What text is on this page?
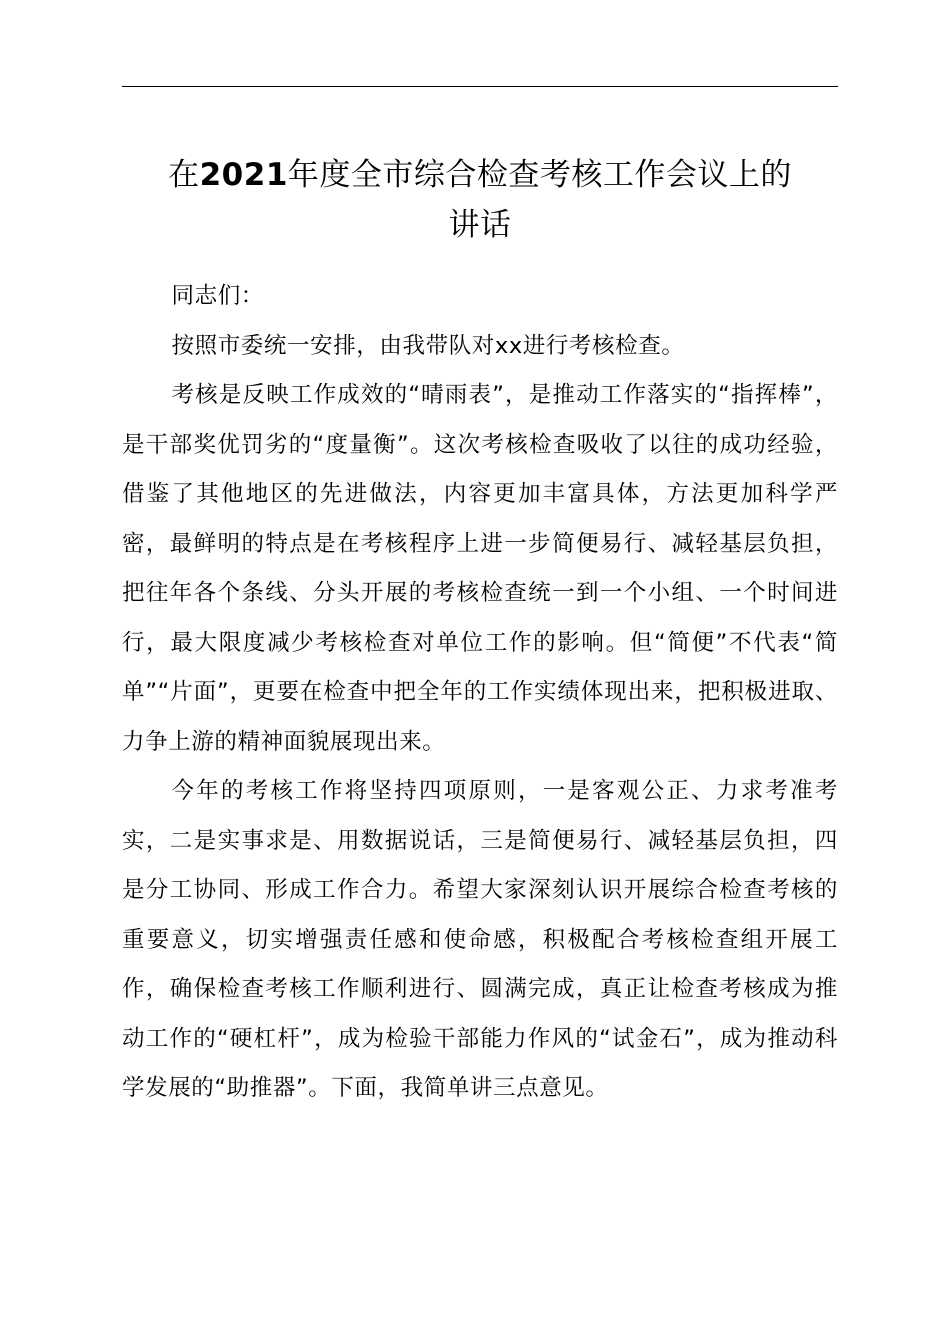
在2021年度全市综合检查考核工作会议上的
讲话

同志们：

按照市委统一安排，由我带队对xx进行考核检查。

考核是反映工作成效的“晴雨表”，是推动工作落实的“指挥棒”，是干部奖优罚劣的“度量衡”。这次考核检查吸收了以往的成功经验，借鉴了其他地区的先进做法，内容更加丰富具体，方法更加科学严密，最鲜明的特点是在考核程序上进一步简便易行、减轻基层负担，把往年各个条线、分头开展的考核检查统一到一个小组、一个时间进行，最大限度减少考核检查对单位工作的影响。但“简便”不代表“简单”“片面”，更要在检查中把全年的工作实绩体现出来，把积极进取、力争上游的精神面貌展现出来。

今年的考核工作将坚持四项原则，一是客观公正、力求考准考实，二是实事求是、用数据说话，三是简便易行、减轻基层负担，四是分工协同、形成工作合力。希望大家深刻认识开展综合检查考核的重要意义，切实增强责任感和使命感，积极配合考核检查组开展工作，确保检查考核工作顺利进行、圆满完成，真正让检查考核成为推动工作的“硬杠杆”，成为检验干部能力作风的“试金石”，成为推动科学发展的“助推器”。下面，我简单讲三点意见。
